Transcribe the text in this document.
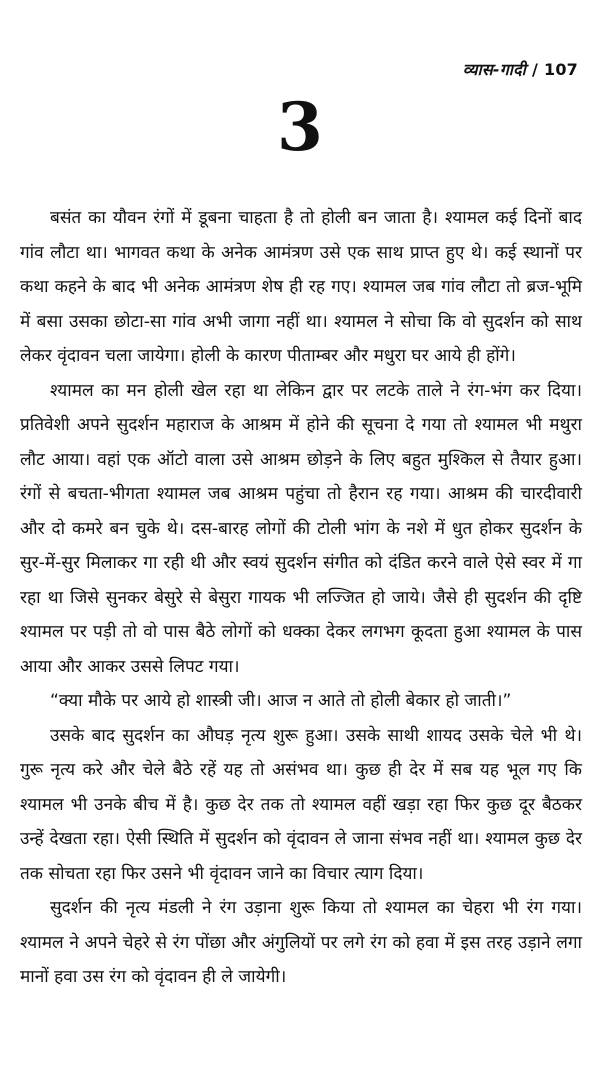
व्यास-गादी / 107
3

बसंत का यौवन रंगों में डूबना चाहता है तो होली बन जाता है। श्यामल कई दिनों बाद गांव लौटा था। भागवत कथा के अनेक आमंत्रण उसे एक साथ प्राप्त हुए थे। कई स्थानों पर कथा कहने के बाद भी अनेक आमंत्रण शेष ही रह गए। श्यामल जब गांव लौटा तो ब्रज-भूमि में बसा उसका छोटा-सा गांव अभी जागा नहीं था। श्यामल ने सोचा कि वो सुदर्शन को साथ लेकर वृंदावन चला जायेगा। होली के कारण पीताम्बर और मधुरा घर आये ही होंगे।

श्यामल का मन होली खेल रहा था लेकिन द्वार पर लटके ताले ने रंग-भंग कर दिया। प्रतिवेशी अपने सुदर्शन महाराज के आश्रम में होने की सूचना दे गया तो श्यामल भी मथुरा लौट आया। वहां एक ऑटो वाला उसे आश्रम छोड़ने के लिए बहुत मुश्किल से तैयार हुआ। रंगों से बचता-भीगता श्यामल जब आश्रम पहुंचा तो हैरान रह गया। आश्रम की चारदीवारी और दो कमरे बन चुके थे। दस-बारह लोगों की टोली भांग के नशे में धुत होकर सुदर्शन के सुर-में-सुर मिलाकर गा रही थी और स्वयं सुदर्शन संगीत को दंडित करने वाले ऐसे स्वर में गा रहा था जिसे सुनकर बेसुरे से बेसुरा गायक भी लज्जित हो जाये। जैसे ही सुदर्शन की दृष्टि श्यामल पर पड़ी तो वो पास बैठे लोगों को धक्का देकर लगभग कूदता हुआ श्यामल के पास आया और आकर उससे लिपट गया।

“क्या मौके पर आये हो शास्त्री जी। आज न आते तो होली बेकार हो जाती।”

उसके बाद सुदर्शन का औघड़ नृत्य शुरू हुआ। उसके साथी शायद उसके चेले भी थे। गुरू नृत्य करे और चेले बैठे रहें यह तो असंभव था। कुछ ही देर में सब यह भूल गए कि श्यामल भी उनके बीच में है। कुछ देर तक तो श्यामल वहीं खड़ा रहा फिर कुछ दूर बैठकर उन्हें देखता रहा। ऐसी स्थिति में सुदर्शन को वृंदावन ले जाना संभव नहीं था। श्यामल कुछ देर तक सोचता रहा फिर उसने भी वृंदावन जाने का विचार त्याग दिया।

सुदर्शन की नृत्य मंडली ने रंग उड़ाना शुरू किया तो श्यामल का चेहरा भी रंग गया। श्यामल ने अपने चेहरे से रंग पोंछा और अंगुलियों पर लगे रंग को हवा में इस तरह उड़ाने लगा मानों हवा उस रंग को वृंदावन ही ले जायेगी।
